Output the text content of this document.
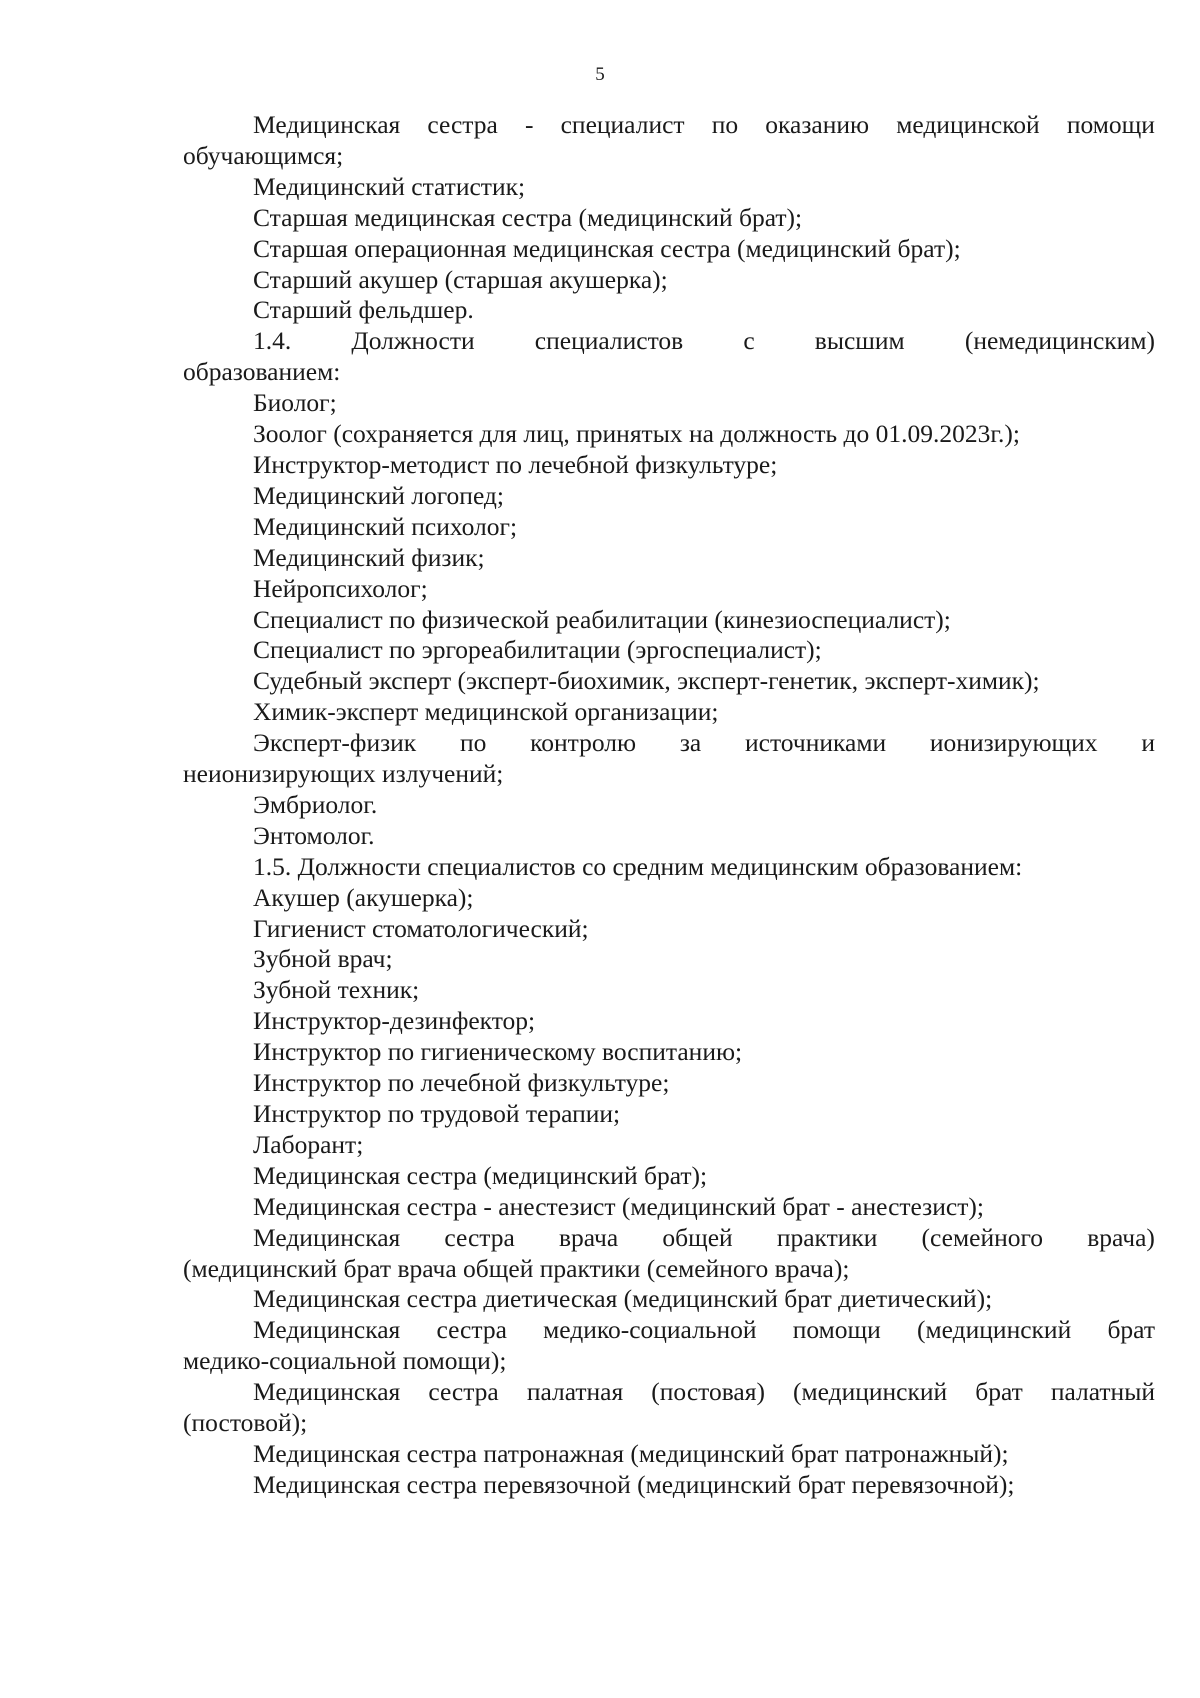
5
Медицинская сестра - специалист по оказанию медицинской помощи
обучающимся;
Медицинский статистик;
Старшая медицинская сестра (медицинский брат);
Старшая операционная медицинская сестра (медицинский брат);
Старший акушер (старшая акушерка);
Старший фельдшер.
1.4. Должности специалистов с высшим (немедицинским)
образованием:
Биолог;
Зоолог (сохраняется для лиц, принятых на должность до 01.09.2023г.);
Инструктор-методист по лечебной физкультуре;
Медицинский логопед;
Медицинский психолог;
Медицинский физик;
Нейропсихолог;
Специалист по физической реабилитации (кинезиоспециалист);
Специалист по эргореабилитации (эргоспециалист);
Судебный эксперт (эксперт-биохимик, эксперт-генетик, эксперт-химик);
Химик-эксперт медицинской организации;
Эксперт-физик по контролю за источниками ионизирующих и
неионизирующих излучений;
Эмбриолог.
Энтомолог.
1.5. Должности специалистов со средним медицинским образованием:
Акушер (акушерка);
Гигиенист стоматологический;
Зубной врач;
Зубной техник;
Инструктор-дезинфектор;
Инструктор по гигиеническому воспитанию;
Инструктор по лечебной физкультуре;
Инструктор по трудовой терапии;
Лаборант;
Медицинская сестра (медицинский брат);
Медицинская сестра - анестезист (медицинский брат - анестезист);
Медицинская сестра врача общей практики (семейного врача)
(медицинский брат врача общей практики (семейного врача);
Медицинская сестра диетическая (медицинский брат диетический);
Медицинская сестра медико-социальной помощи (медицинский брат
медико-социальной помощи);
Медицинская сестра палатная (постовая) (медицинский брат палатный
(постовой);
Медицинская сестра патронажная (медицинский брат патронажный);
Медицинская сестра перевязочной (медицинский брат перевязочной);
